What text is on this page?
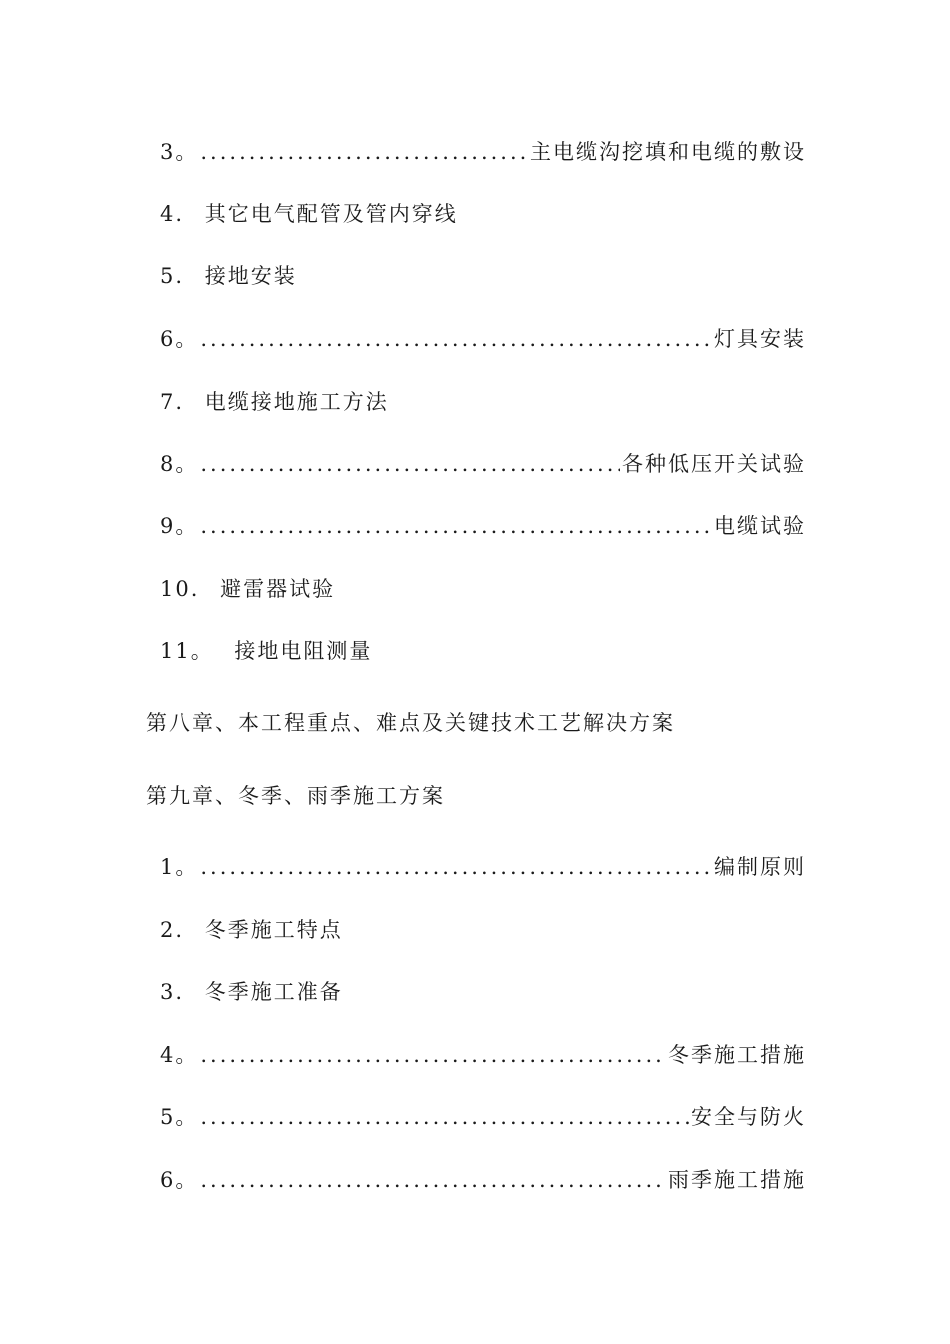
3。 .....	主电缆沟挖填和电缆的敷设
4. 其它电气配管及管内穿线
5. 接地安装
6。 .....	灯具安装
7. 电缆接地施工方法
8。 .....	各种低压开关试验
9。 .....	电缆试验
10. 避雷器试验
11。 接地电阻测量
第八章、本工程重点、难点及关键技术工艺解决方案
第九章、冬季、雨季施工方案
1。 .....	编制原则
2. 冬季施工特点
3. 冬季施工准备
4。 .....	冬季施工措施
5。 .....	安全与防火
6。 .....	雨季施工措施
